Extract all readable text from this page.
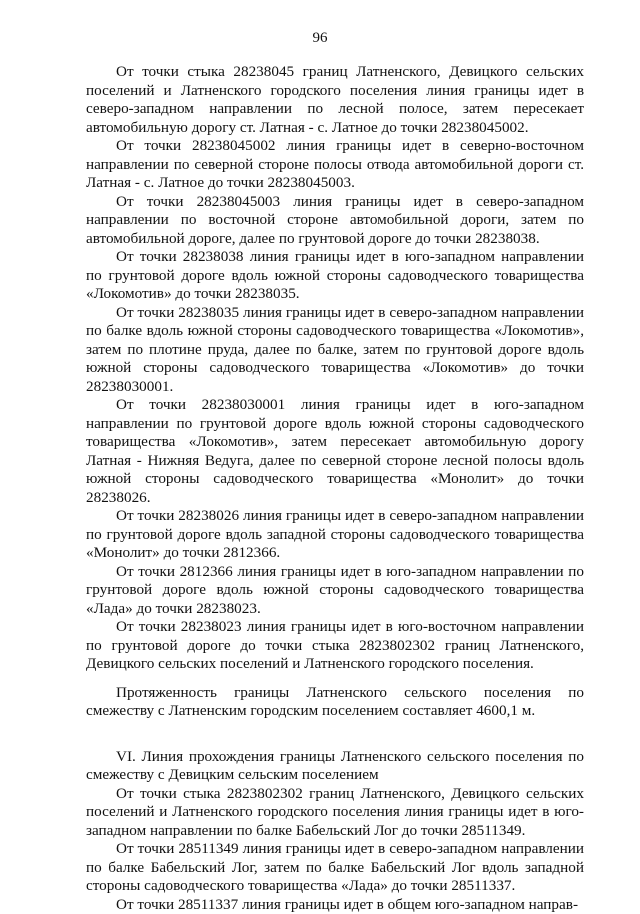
96

От точки стыка 28238045 границ Латненского, Девицкого сельских поселений и Латненского городского поселения линия границы идет в северо-западном направлении по лесной полосе, затем пересекает автомобильную дорогу ст. Латная - с. Латное до точки 28238045002.

От точки 28238045002 линия границы идет в северно-восточном направлении по северной стороне полосы отвода автомобильной дороги ст. Латная - с. Латное до точки 28238045003.

От точки 28238045003 линия границы идет в северо-западном направлении по восточной стороне автомобильной дороги, затем по автомобильной дороге, далее по грунтовой дороге до точки 28238038.

От точки 28238038 линия границы идет в юго-западном направлении по грунтовой дороге вдоль южной стороны садоводческого товарищества «Локомотив» до точки 28238035.

От точки 28238035 линия границы идет в северо-западном направлении по балке вдоль южной стороны садоводческого товарищества «Локомотив», затем по плотине пруда, далее по балке, затем по грунтовой дороге вдоль южной стороны садоводческого товарищества «Локомотив» до точки 28238030001.

От точки 28238030001 линия границы идет в юго-западном направлении по грунтовой дороге вдоль южной стороны садоводческого товарищества «Локомотив», затем пересекает автомобильную дорогу Латная - Нижняя Ведуга, далее по северной стороне лесной полосы вдоль южной стороны садоводческого товарищества «Монолит» до точки 28238026.

От точки 28238026 линия границы идет в северо-западном направлении по грунтовой дороге вдоль западной стороны садоводческого товарищества «Монолит» до точки 2812366.

От точки 2812366 линия границы идет в юго-западном направлении по грунтовой дороге вдоль южной стороны садоводческого товарищества «Лада» до точки 28238023.

От точки 28238023 линия границы идет в юго-восточном направлении по грунтовой дороге до точки стыка 2823802302 границ Латненского, Девицкого сельских поселений и Латненского городского поселения.

Протяженность границы Латненского сельского поселения по смежеству с Латненским городским поселением составляет 4600,1 м.

VI. Линия прохождения границы Латненского сельского поселения по смежеству с Девицким сельским поселением

От точки стыка 2823802302 границ Латненского, Девицкого сельских поселений и Латненского городского поселения линия границы идет в юго-западном направлении по балке Бабельский Лог до точки 28511349.

От точки 28511349 линия границы идет в северо-западном направлении по балке Бабельский Лог, затем по балке Бабельский Лог вдоль западной стороны садоводческого товарищества «Лада» до точки 28511337.

От точки 28511337 линия границы идет в общем юго-западном направ-
